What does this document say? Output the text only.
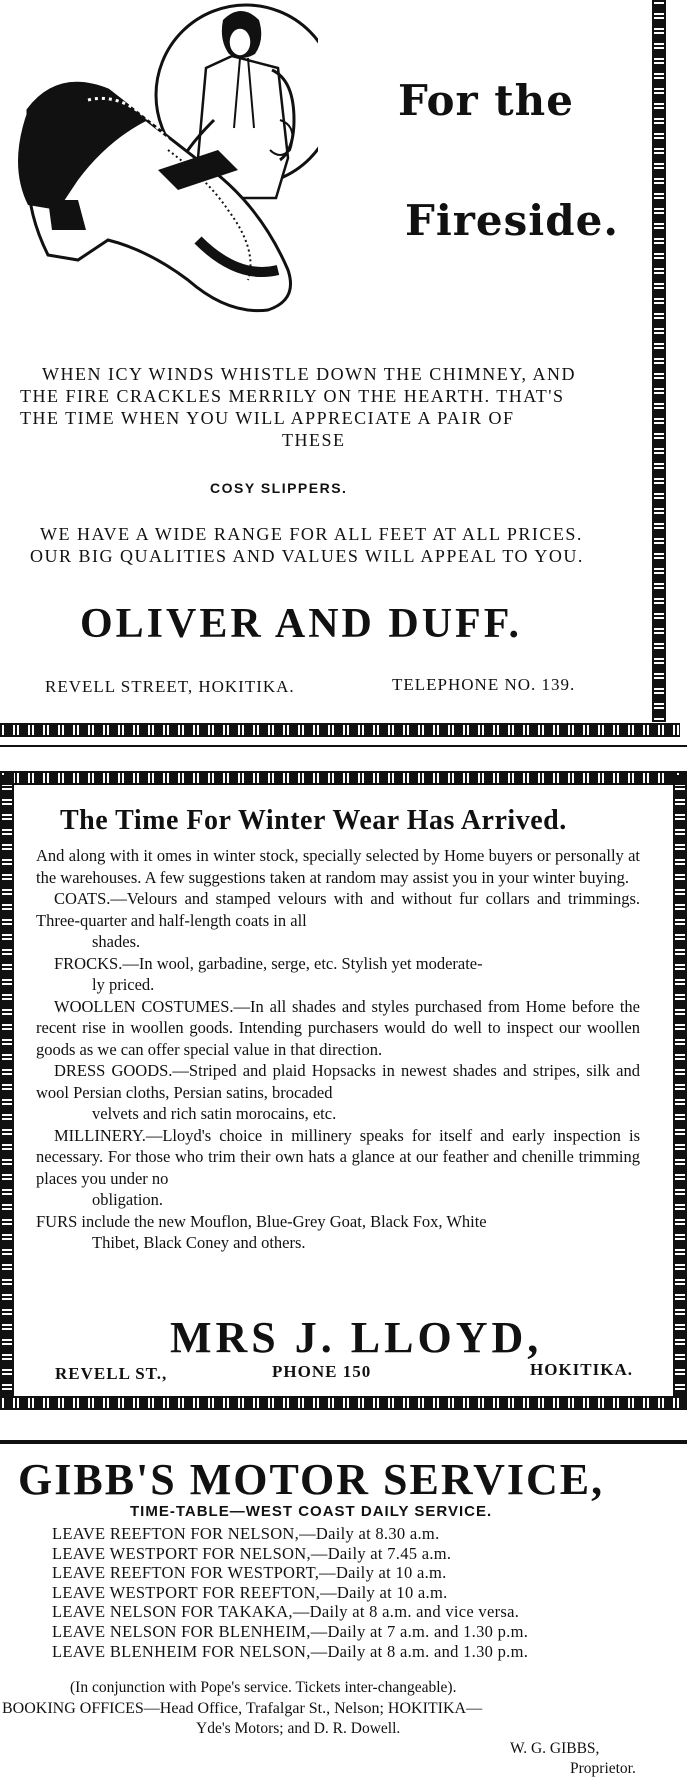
For the
Fireside.
WHEN ICY WINDS WHISTLE DOWN THE CHIMNEY, AND
THE FIRE CRACKLES MERRILY ON THE HEARTH. THAT'S
THE TIME WHEN YOU WILL APPRECIATE A PAIR OF
THESE
COSY SLIPPERS.
WE HAVE A WIDE RANGE FOR ALL FEET AT ALL PRICES.
OUR BIG QUALITIES AND VALUES WILL APPEAL TO YOU.
OLIVER AND DUFF.
REVELL STREET, HOKITIKA.	TELEPHONE NO. 139.
The Time For Winter Wear Has Arrived.

And along with it omes in winter stock, specially selected by Home buyers or personally at the warehouses. A few suggestions taken at random may assist you in your winter buying.

COATS.—Velours and stamped velours with and without fur collars and trimmings. Three-quarter and half-length coats in all

shades.

FROCKS.—In wool, garbadine, serge, etc. Stylish yet moderate-

ly priced.

WOOLLEN COSTUMES.—In all shades and styles purchased from Home before the recent rise in woollen goods. Intending purchasers would do well to inspect our woollen goods as we can offer special value in that direction.

DRESS GOODS.—Striped and plaid Hopsacks in newest shades and stripes, silk and wool Persian cloths, Persian satins, brocaded

velvets and rich satin morocains, etc.

MILLINERY.—Lloyd's choice in millinery speaks for itself and early inspection is necessary. For those who trim their own hats a glance at our feather and chenille trimming places you under no

obligation.

FURS include the new Mouflon, Blue-Grey Goat, Black Fox, White

Thibet, Black Coney and others.

MRS J. LLOYD,
REVELL ST.,	PHONE 150	HOKITIKA.
GIBB'S MOTOR SERVICE,
TIME-TABLE—WEST COAST DAILY SERVICE.
LEAVE REEFTON FOR NELSON,—Daily at 8.30 a.m.
LEAVE WESTPORT FOR NELSON,—Daily at 7.45 a.m.
LEAVE REEFTON FOR WESTPORT,—Daily at 10 a.m.
LEAVE WESTPORT FOR REEFTON,—Daily at 10 a.m.
LEAVE NELSON FOR TAKAKA,—Daily at 8 a.m. and vice versa.
LEAVE NELSON FOR BLENHEIM,—Daily at 7 a.m. and 1.30 p.m.
LEAVE BLENHEIM FOR NELSON,—Daily at 8 a.m. and 1.30 p.m.
(In conjunction with Pope's service. Tickets inter-changeable).
BOOKING OFFICES—Head Office, Trafalgar St., Nelson; HOKITIKA—
Yde's Motors; and D. R. Dowell.
W. G. GIBBS,
Proprietor.
